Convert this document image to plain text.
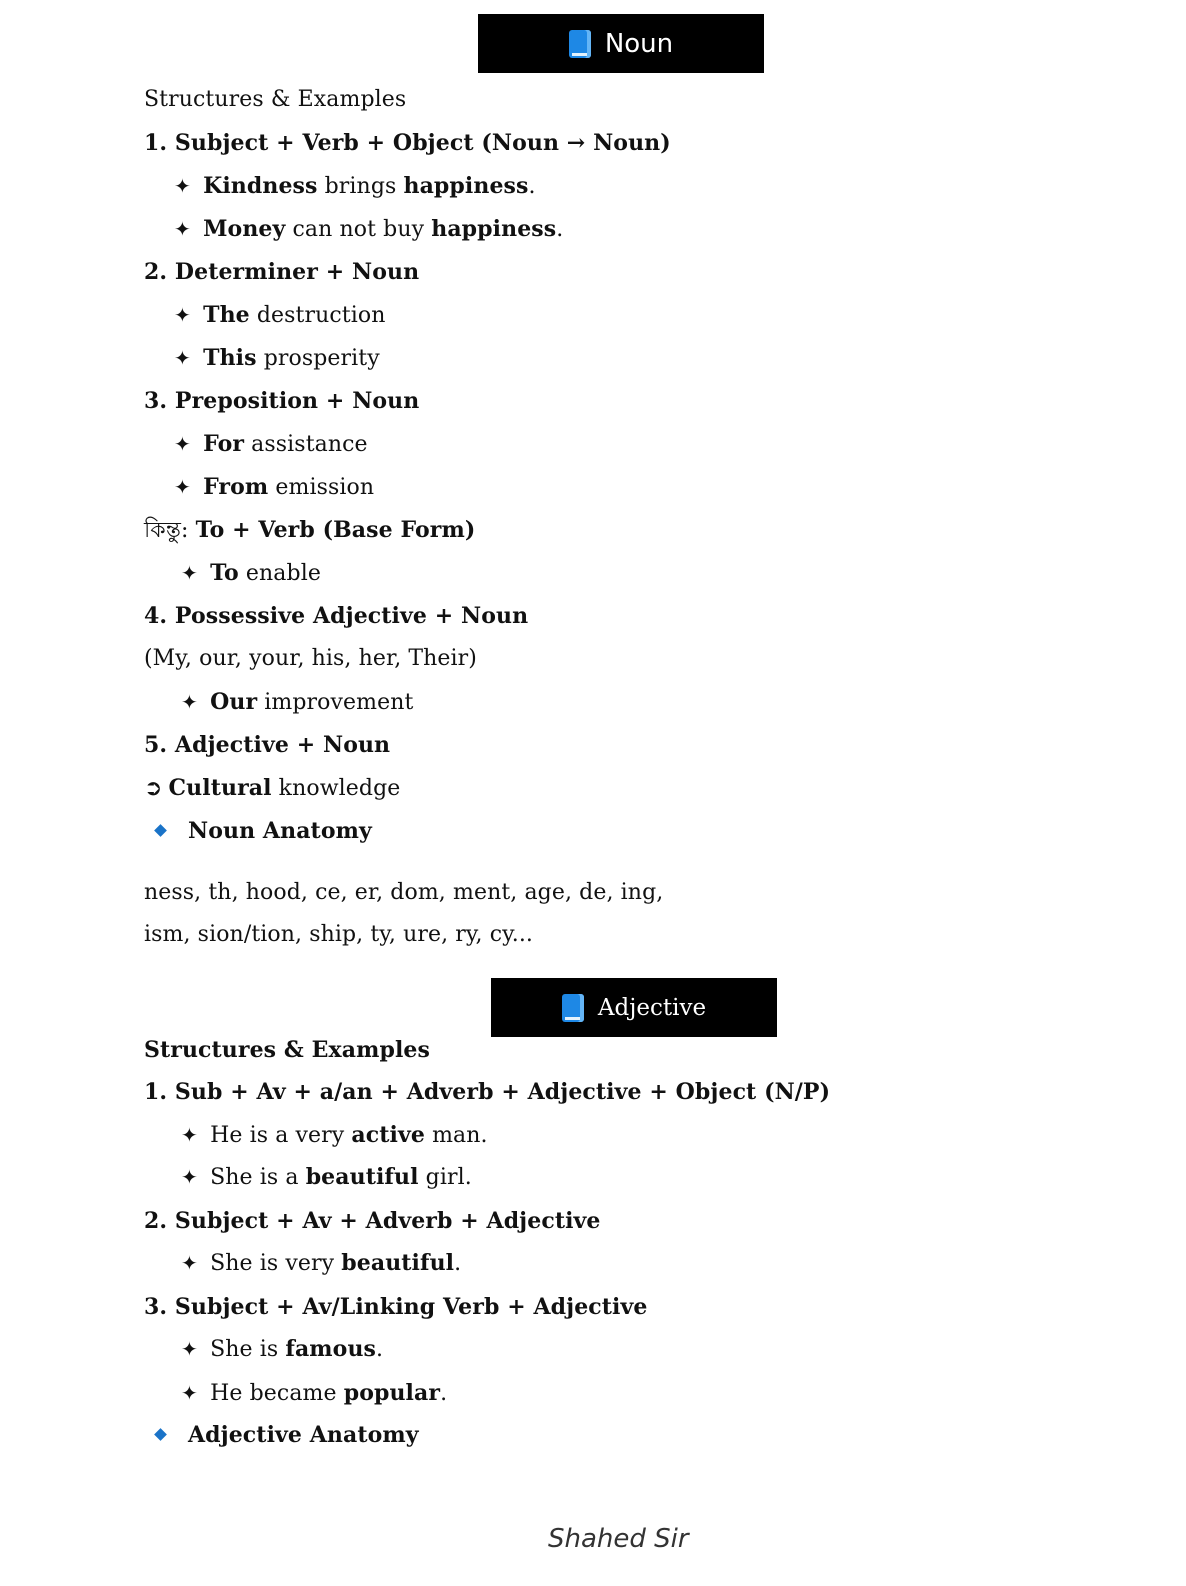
Noun
Structures & Examples
1. Subject + Verb + Object (Noun → Noun)
✦ Kindness brings happiness.
✦ Money can not buy happiness.
2. Determiner + Noun
✦ The destruction
✦ This prosperity
3. Preposition + Noun
✦ For assistance
✦ From emission
কিন্তু: To + Verb (Base Form)
✦ To enable
4. Possessive Adjective + Noun
(My, our, your, his, her, Their)
✦ Our improvement
5. Adjective + Noun
➲ Cultural knowledge
Noun Anatomy
ness, th, hood, ce, er, dom, ment, age, de, ing,
ism, sion/tion, ship, ty, ure, ry, cy...
Adjective
Structures & Examples
1. Sub + Av + a/an + Adverb + Adjective + Object (N/P)
✦ He is a very active man.
✦ She is a beautiful girl.
2. Subject + Av + Adverb + Adjective
✦ She is very beautiful.
3. Subject + Av/Linking Verb + Adjective
✦ She is famous.
✦ He became popular.
Adjective Anatomy
Shahed Sir
